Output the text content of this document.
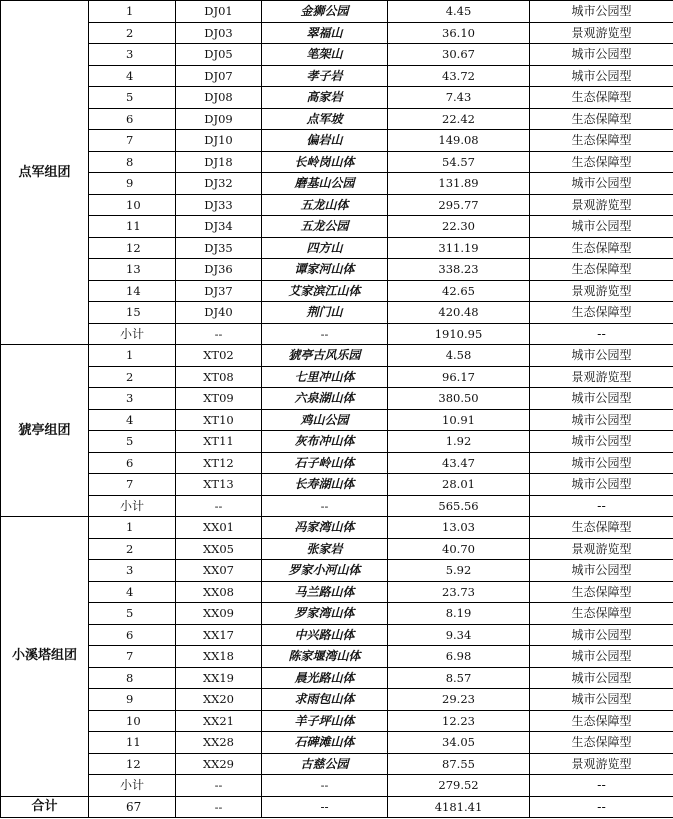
点军组团	1	DJ01	金狮公园	4.45	城市公园型
	2	DJ03	翠福山	36.10	景观游览型
	3	DJ05	笔架山	30.67	城市公园型
	4	DJ07	孝子岩	43.72	城市公园型
	5	DJ08	高家岩	7.43	生态保障型
	6	DJ09	点军坡	22.42	生态保障型
	7	DJ10	偏岩山	149.08	生态保障型
	8	DJ18	长岭岗山体	54.57	生态保障型
	9	DJ32	磨基山公园	131.89	城市公园型
	10	DJ33	五龙山体	295.77	景观游览型
	11	DJ34	五龙公园	22.30	城市公园型
	12	DJ35	四方山	311.19	生态保障型
	13	DJ36	谭家河山体	338.23	生态保障型
	14	DJ37	艾家滨江山体	42.65	景观游览型
	15	DJ40	荆门山	420.48	生态保障型
	小计	--	--	1910.95	--
猇亭组团	1	XT02	猇亭古风乐园	4.58	城市公园型
	2	XT08	七里冲山体	96.17	景观游览型
	3	XT09	六泉湖山体	380.50	城市公园型
	4	XT10	鸡山公园	10.91	城市公园型
	5	XT11	灰布冲山体	1.92	城市公园型
	6	XT12	石子岭山体	43.47	城市公园型
	7	XT13	长寿湖山体	28.01	城市公园型
	小计	--	--	565.56	--
小溪塔组团	1	XX01	冯家湾山体	13.03	生态保障型
	2	XX05	张家岩	40.70	景观游览型
	3	XX07	罗家小河山体	5.92	城市公园型
	4	XX08	马兰路山体	23.73	生态保障型
	5	XX09	罗家湾山体	8.19	生态保障型
	6	XX17	中兴路山体	9.34	城市公园型
	7	XX18	陈家堰湾山体	6.98	城市公园型
	8	XX19	晨光路山体	8.57	城市公园型
	9	XX20	求雨包山体	29.23	城市公园型
	10	XX21	羊子坪山体	12.23	生态保障型
	11	XX28	石碑滩山体	34.05	生态保障型
	12	XX29	古慈公园	87.55	景观游览型
	小计	--	--	279.52	--
合计	67	--	--	4181.41	--
